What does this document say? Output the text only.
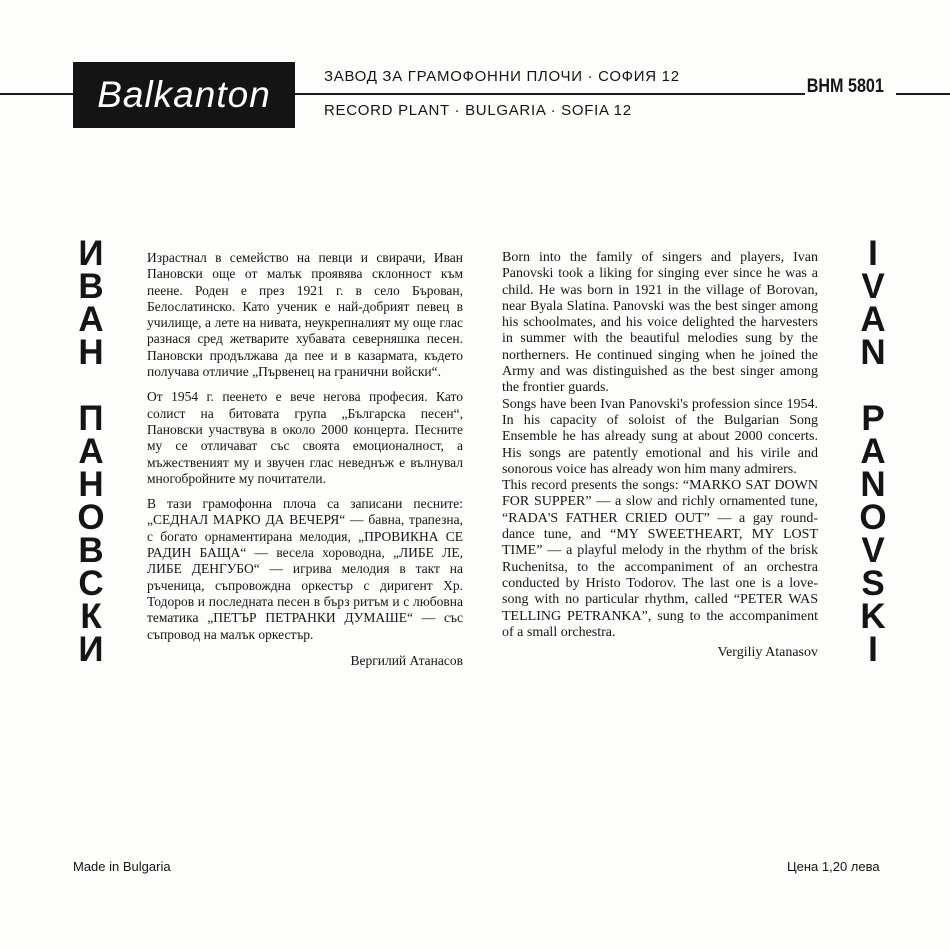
Balkanton	ЗАВОД ЗА ГРАМОФОННИ ПЛОЧИ · СОФИЯ 12
RECORD PLANT · BULGARIA · SOFIA 12
BHM 5801
И
В
А
Н
П
А
Н
О
В
С
К
И
I
V
A
N
P
A
N
O
V
S
K
I

Израстнал в семейство на певци и свирачи, Иван Пановски още от малък проявява склонност към пеене. Роден е през 1921 г. в село Бърован, Белослатинско. Като ученик е най-добрият певец в училище, а лете на нивата, неукрепналият му още глас разнася сред жетварите хубавата северняшка песен. Пановски продължава да пее и в казармата, където получава отличие „Първенец на гранични войски“.

От 1954 г. пеенето е вече негова професия. Като солист на битовата група „Българска песен“, Пановски участвува в около 2000 концерта. Песните му се отличават със своята емоционалност, а мъжественият му и звучен глас неведнъж е вълнувал многобройните му почитатели.

В тази грамофонна плоча са записани песните: „СЕДНАЛ МАРКО ДА ВЕЧЕРЯ“ — бавна, трапезна, с богато орнаментирана мелодия, „ПРОВИКНА СЕ РАДИН БАЩА“ — весела хороводна, „ЛИБЕ ЛЕ, ЛИБЕ ДЕНГУБО“ — игрива мелодия в такт на ръченица, съпровождна оркестър с диригент Хр. Тодоров и последната песен в бърз ритъм и с любовна тематика „ПЕТЪР ПЕТРАНКИ ДУМАШЕ“ — със съпровод на малък оркестър.

Вергилий Атанасов

Born into the family of singers and players, Ivan Panovski took a liking for singing ever since he was a child. He was born in 1921 in the village of Borovan, near Byala Slatina. Panovski was the best singer among his schoolmates, and his voice delighted the harvesters in summer with the beautiful melodies sung by the northerners. He continued singing when he joined the Army and was distinguished as the best singer among the frontier guards.

Songs have been Ivan Panovski's profession since 1954. In his capacity of soloist of the Bulgarian Song Ensemble he has already sung at about 2000 concerts. His songs are patently emotional and his virile and sonorous voice has already won him many admirers.

This record presents the songs: “MARKO SAT DOWN FOR SUPPER” — a slow and richly ornamented tune, “RADA'S FATHER CRIED OUT” — a gay round-dance tune, and “MY SWEETHEART, MY LOST TIME” — a playful melody in the rhythm of the brisk Ruchenitsa, to the accompaniment of an orchestra conducted by Hristo Todorov. The last one is a love-song with no particular rhythm, called “PETER WAS TELLING PETRANKA”, sung to the accompaniment of a small orchestra.

Vergiliy Atanasov
Made in Bulgaria	Цена 1,20 лева
